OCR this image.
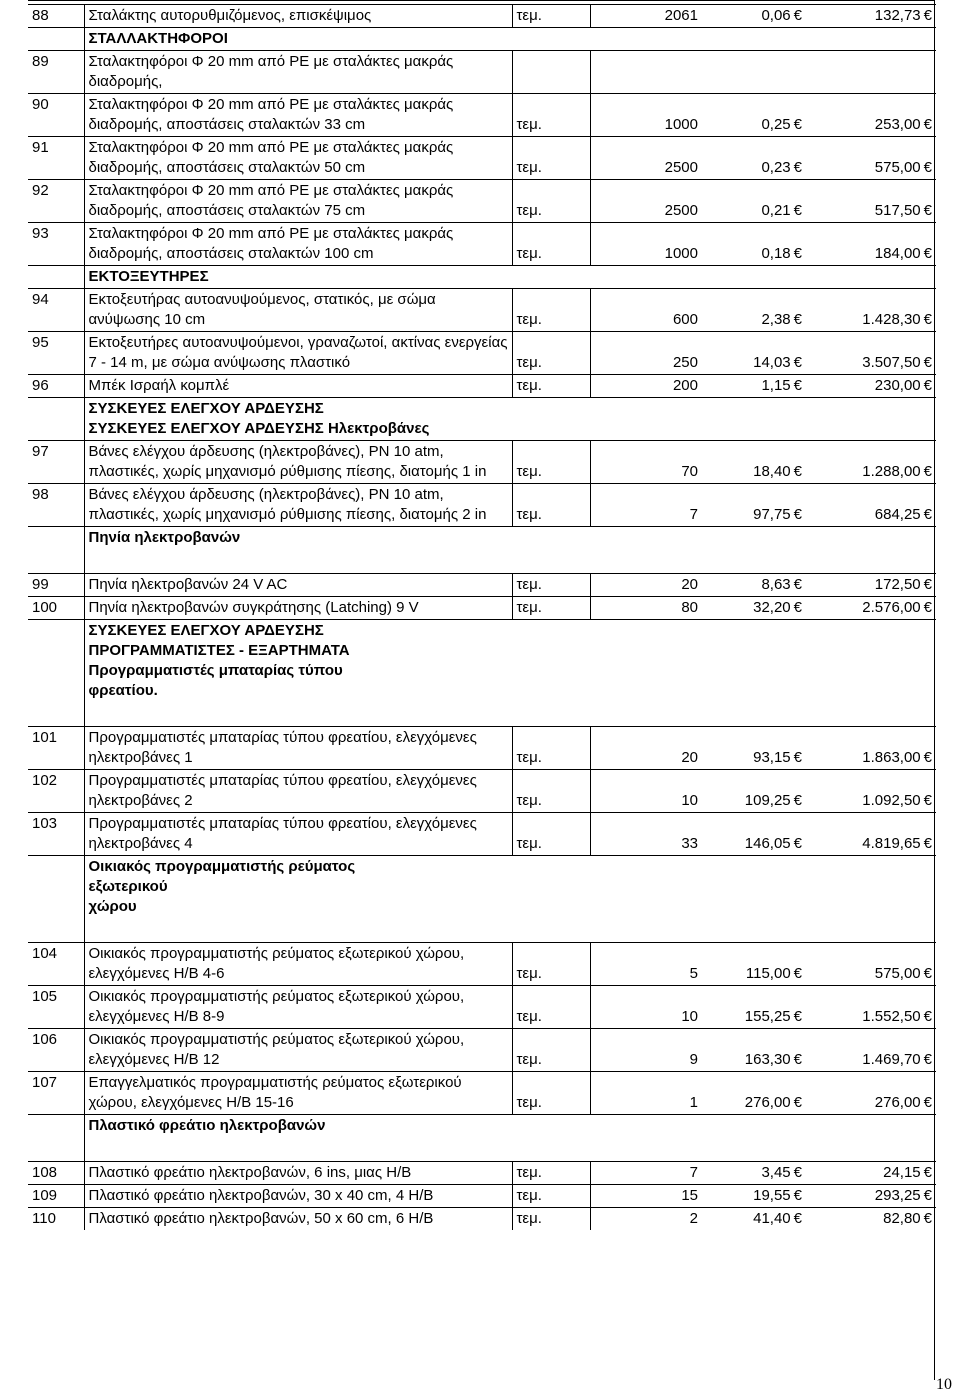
88	Σταλάκτης αυτορυθμιζόμενος, επισκέψιμος	τεμ.	2061	0,06 €	132,73 €

	ΣΤΑΛΛΑΚΤΗΦΟΡΟΙ				

89	Σταλακτηφόροι Φ 20 mm από PE με σταλάκτες μακράς διαδρομής,				
90	Σταλακτηφόροι Φ 20 mm από PE με σταλάκτες μακράς διαδρομής, αποστάσεις σταλακτών 33 cm	τεμ.	1000	0,25 €	253,00 €
91	Σταλακτηφόροι Φ 20 mm από PE με σταλάκτες μακράς διαδρομής, αποστάσεις σταλακτών 50 cm	τεμ.	2500	0,23 €	575,00 €
92	Σταλακτηφόροι Φ 20 mm από PE με σταλάκτες μακράς διαδρομής, αποστάσεις σταλακτών 75 cm	τεμ.	2500	0,21 €	517,50 €
93	Σταλακτηφόροι Φ 20 mm από PE με σταλάκτες μακράς διαδρομής, αποστάσεις σταλακτών 100 cm	τεμ.	1000	0,18 €	184,00 €

	ΕΚΤΟΞΕΥΤΗΡΕΣ				

94	Εκτοξευτήρας αυτοανυψούμενος, στατικός, με σώμα ανύψωσης 10 cm	τεμ.	600	2,38 €	1.428,30 €
95	Εκτοξευτήρες αυτοανυψούμενοι, γραναζωτοί, ακτίνας ενεργείας 7 - 14 m, με σώμα ανύψωσης πλαστικό	τεμ.	250	14,03 €	3.507,50 €
96	Μπέκ Ισραήλ κομπλέ	τεμ.	200	1,15 €	230,00 €

	ΣΥΣΚΕΥΕΣ ΕΛΕΓΧΟΥ ΑΡΔΕΥΣΗΣ
ΣΥΣΚΕΥΕΣ ΕΛΕΓΧΟΥ ΑΡΔΕΥΣΗΣ Ηλεκτροβάνες				

97	Βάνες ελέγχου άρδευσης (ηλεκτροβάνες), PN 10 atm, πλαστικές, χωρίς μηχανισμό ρύθμισης πίεσης, διατομής 1 in	τεμ.	70	18,40 €	1.288,00 €
98	Βάνες ελέγχου άρδευσης (ηλεκτροβάνες), PN 10 atm, πλαστικές, χωρίς μηχανισμό ρύθμισης πίεσης, διατομής 2 in	τεμ.	7	97,75 €	684,25 €

	Πηνία ηλεκτροβανών				

99	Πηνία ηλεκτροβανών 24 V AC	τεμ.	20	8,63 €	172,50 €
100	Πηνία ηλεκτροβανών συγκράτησης (Latching) 9 V	τεμ.	80	32,20 €	2.576,00 €

	ΣΥΣΚΕΥΕΣ ΕΛΕΓΧΟΥ ΑΡΔΕΥΣΗΣ
ΠΡΟΓΡΑΜΜΑΤΙΣΤΕΣ - ΕΞΑΡΤΗΜΑΤΑ
Προγραμματιστές μπαταρίας τύπου
φρεατίου.				

101	Προγραμματιστές μπαταρίας τύπου φρεατίου, ελεγχόμενες ηλεκτροβάνες 1	τεμ.	20	93,15 €	1.863,00 €
102	Προγραμματιστές μπαταρίας τύπου φρεατίου, ελεγχόμενες ηλεκτροβάνες 2	τεμ.	10	109,25 €	1.092,50 €
103	Προγραμματιστές μπαταρίας τύπου φρεατίου, ελεγχόμενες ηλεκτροβάνες 4	τεμ.	33	146,05 €	4.819,65 €

	Οικιακός προγραμματιστής ρεύματος
εξωτερικού
χώρου				

104	Οικιακός προγραμματιστής ρεύματος εξωτερικού χώρου, ελεγχόμενες Η/Β 4-6	τεμ.	5	115,00 €	575,00 €
105	Οικιακός προγραμματιστής ρεύματος εξωτερικού χώρου, ελεγχόμενες Η/Β 8-9	τεμ.	10	155,25 €	1.552,50 €
106	Οικιακός προγραμματιστής ρεύματος εξωτερικού χώρου, ελεγχόμενες Η/Β 12	τεμ.	9	163,30 €	1.469,70 €
107	Επαγγελματικός προγραμματιστής ρεύματος εξωτερικού χώρου, ελεγχόμενες Η/Β 15-16	τεμ.	1	276,00 €	276,00 €

	Πλαστικό φρεάτιο ηλεκτροβανών				

108	Πλαστικό φρεάτιο ηλεκτροβανών, 6 ins, μιας Η/Β	τεμ.	7	3,45 €	24,15 €
109	Πλαστικό φρεάτιο ηλεκτροβανών, 30 x 40 cm, 4 Η/Β	τεμ.	15	19,55 €	293,25 €
110	Πλαστικό φρεάτιο ηλεκτροβανών, 50 x 60 cm, 6 Η/Β	τεμ.	2	41,40 €	82,80 €
10
